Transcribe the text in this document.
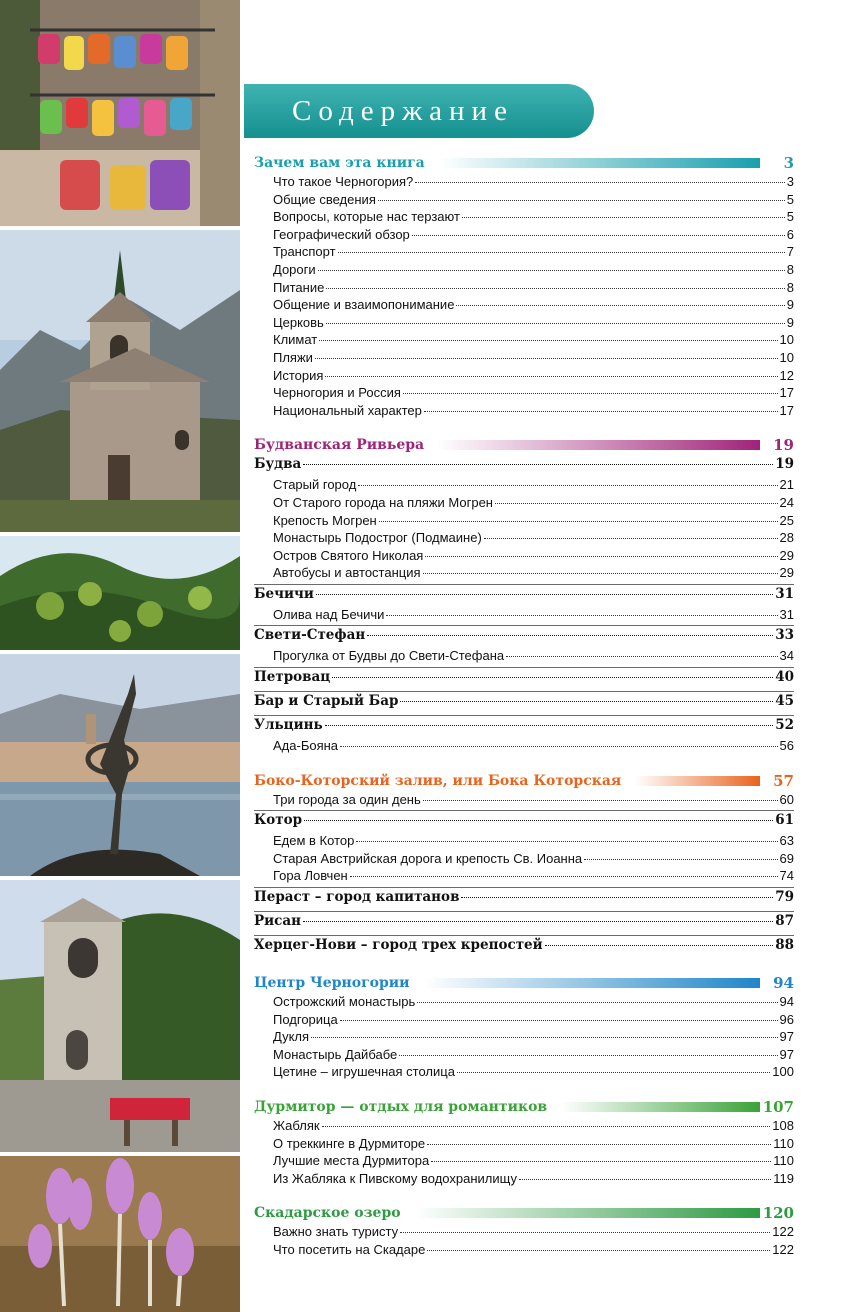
Содержание
Зачем вам эта книга	3
Что такое Черногория?	3
Общие сведения	5
Вопросы, которые нас терзают	5
Географический обзор	6
Транспорт	7
Дороги	8
Питание	8
Общение и взаимопонимание	9
Церковь	9
Климат	10
Пляжи	10
История	12
Черногория и Россия	17
Национальный характер	17
Будванская Ривьера	19
Будва	19
Старый город	21
От Старого города на пляжи Могрен	24
Крепость Могрен	25
Монастырь Подострог (Подмаине)	28
Остров Святого Николая	29
Автобусы и автостанция	29
Бечичи	31
Олива над Бечичи	31
Свети-Стефан	33
Прогулка от Будвы до Свети-Стефана	34
Петровац	40
Бар и Старый Бар	45
Ульцинь	52
Ада-Бояна	56
Боко-Которский залив, или Бока Которская	57
Три города за один день	60
Котор	61
Едем в Котор	63
Старая Австрийская дорога и крепость Св. Иоанна	69
Гора Ловчен	74
Пераст – город капитанов	79
Рисан	87
Херцег-Нови – город трех крепостей	88
Центр Черногории	94
Острожский монастырь	94
Подгорица	96
Дукля	97
Монастырь Дайбабе	97
Цетине – игрушечная столица	100
Дурмитор — отдых для романтиков	107
Жабляк	108
О треккинге в Дурмиторе	110
Лучшие места Дурмитора	110
Из Жабляка к Пивскому водохранилищу	119
Скадарское озеро	120
Важно знать туристу	122
Что посетить на Скадаре	122
